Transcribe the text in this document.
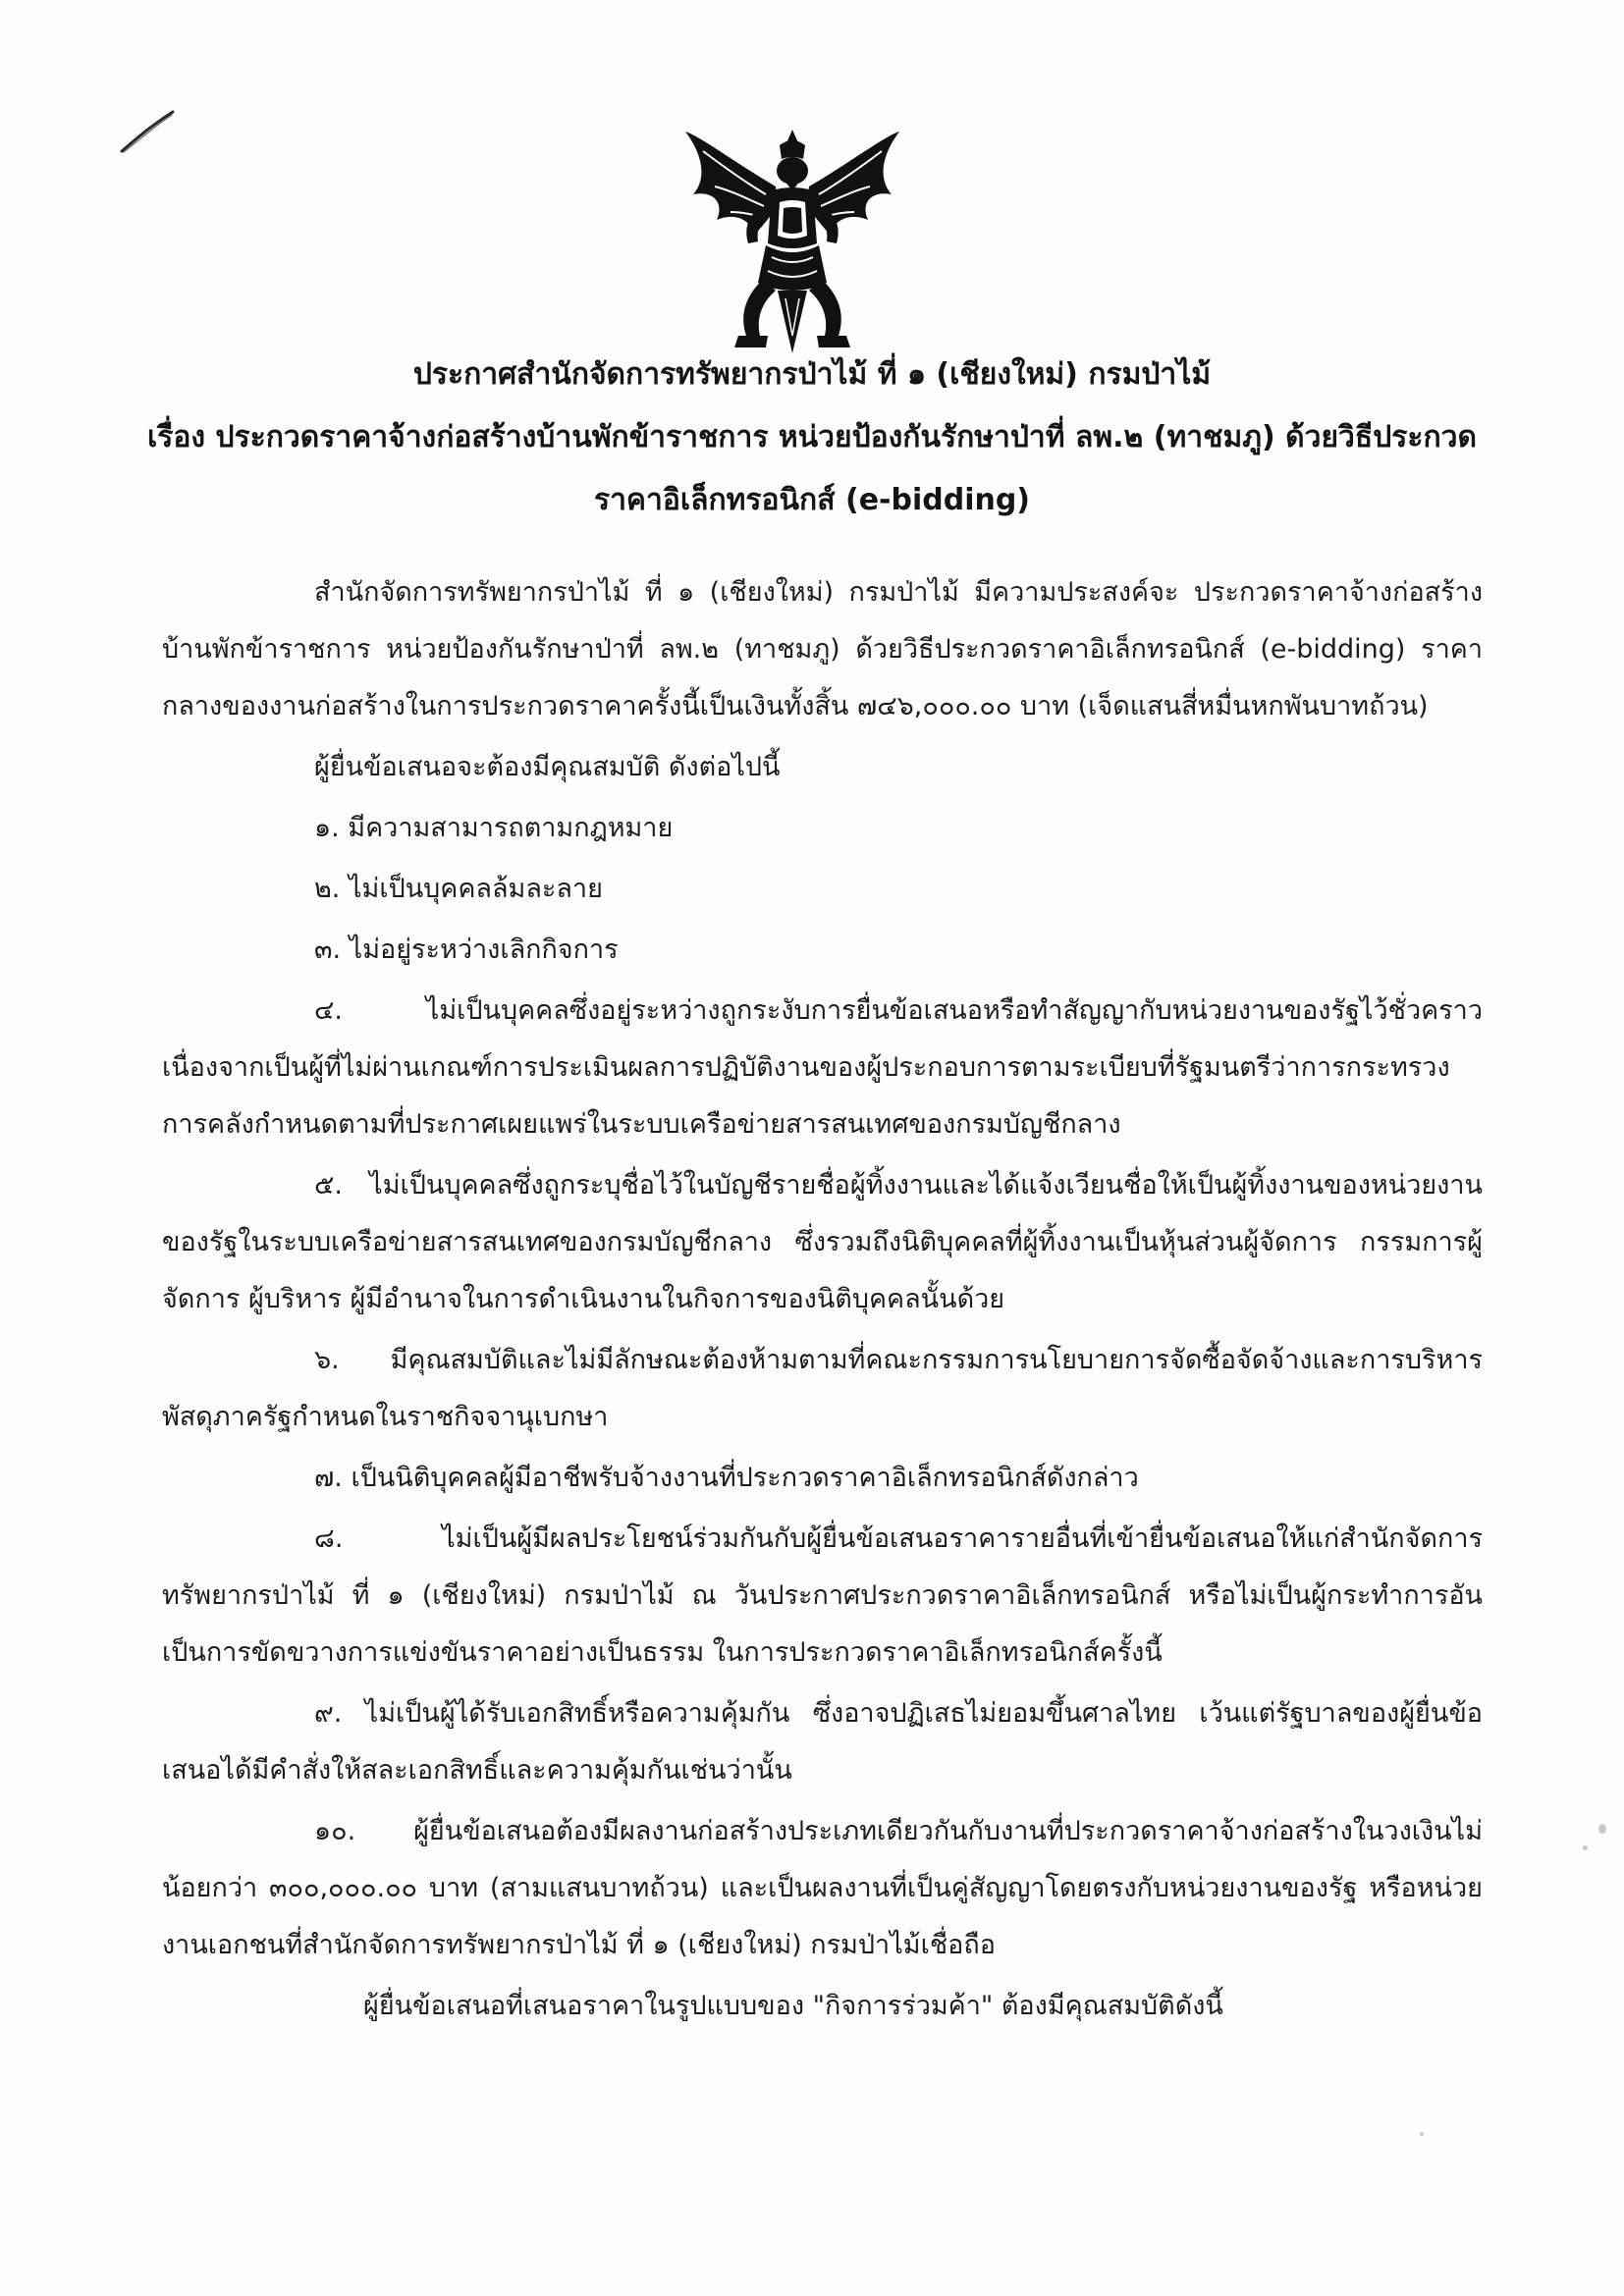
ประกาศสำนักจัดการทรัพยากรป่าไม้ ที่ ๑ (เชียงใหม่) กรมป่าไม้

เรื่อง ประกวดราคาจ้างก่อสร้างบ้านพักข้าราชการ หน่วยป้องกันรักษาป่าที่ ลพ.๒ (ทาชมภู) ด้วยวิธีประกวด

ราคาอิเล็กทรอนิกส์ (e-bidding)

สำนักจัดการทรัพยากรป่าไม้ ที่ ๑ (เชียงใหม่) กรมป่าไม้ มีความประสงค์จะ ประกวดราคาจ้างก่อสร้างบ้านพักข้าราชการ หน่วยป้องกันรักษาป่าที่ ลพ.๒ (ทาชมภู) ด้วยวิธีประกวดราคาอิเล็กทรอนิกส์ (e-bidding) ราคากลางของงานก่อสร้างในการประกวดราคาครั้งนี้เป็นเงินทั้งสิ้น ๗๔๖,๐๐๐.๐๐ บาท (เจ็ดแสนสี่หมื่นหกพันบาทถ้วน)

ผู้ยื่นข้อเสนอจะต้องมีคุณสมบัติ ดังต่อไปนี้

๑. มีความสามารถตามกฎหมาย

๒. ไม่เป็นบุคคลล้มละลาย

๓. ไม่อยู่ระหว่างเลิกกิจการ

๔. ไม่เป็นบุคคลซึ่งอยู่ระหว่างถูกระงับการยื่นข้อเสนอหรือทำสัญญากับหน่วยงานของรัฐไว้ชั่วคราว เนื่องจากเป็นผู้ที่ไม่ผ่านเกณฑ์การประเมินผลการปฏิบัติงานของผู้ประกอบการตามระเบียบที่รัฐมนตรีว่าการกระทรวงการคลังกำหนดตามที่ประกาศเผยแพร่ในระบบเครือข่ายสารสนเทศของกรมบัญชีกลาง

๕. ไม่เป็นบุคคลซึ่งถูกระบุชื่อไว้ในบัญชีรายชื่อผู้ทิ้งงานและได้แจ้งเวียนชื่อให้เป็นผู้ทิ้งงานของหน่วยงานของรัฐในระบบเครือข่ายสารสนเทศของกรมบัญชีกลาง ซึ่งรวมถึงนิติบุคคลที่ผู้ทิ้งงานเป็นหุ้นส่วนผู้จัดการ กรรมการผู้จัดการ ผู้บริหาร ผู้มีอำนาจในการดำเนินงานในกิจการของนิติบุคคลนั้นด้วย

๖. มีคุณสมบัติและไม่มีลักษณะต้องห้ามตามที่คณะกรรมการนโยบายการจัดซื้อจัดจ้างและการบริหารพัสดุภาครัฐกำหนดในราชกิจจานุเบกษา

๗. เป็นนิติบุคคลผู้มีอาชีพรับจ้างงานที่ประกวดราคาอิเล็กทรอนิกส์ดังกล่าว

๘. ไม่เป็นผู้มีผลประโยชน์ร่วมกันกับผู้ยื่นข้อเสนอราคารายอื่นที่เข้ายื่นข้อเสนอให้แก่สำนักจัดการทรัพยากรป่าไม้ ที่ ๑ (เชียงใหม่) กรมป่าไม้ ณ วันประกาศประกวดราคาอิเล็กทรอนิกส์ หรือไม่เป็นผู้กระทำการอันเป็นการขัดขวางการแข่งขันราคาอย่างเป็นธรรม ในการประกวดราคาอิเล็กทรอนิกส์ครั้งนี้

๙. ไม่เป็นผู้ได้รับเอกสิทธิ์หรือความคุ้มกัน ซึ่งอาจปฏิเสธไม่ยอมขึ้นศาลไทย เว้นแต่รัฐบาลของผู้ยื่นข้อเสนอได้มีคำสั่งให้สละเอกสิทธิ์และความคุ้มกันเช่นว่านั้น

๑๐. ผู้ยื่นข้อเสนอต้องมีผลงานก่อสร้างประเภทเดียวกันกับงานที่ประกวดราคาจ้างก่อสร้างในวงเงินไม่น้อยกว่า ๓๐๐,๐๐๐.๐๐ บาท (สามแสนบาทถ้วน) และเป็นผลงานที่เป็นคู่สัญญาโดยตรงกับหน่วยงานของรัฐ หรือหน่วยงานเอกชนที่สำนักจัดการทรัพยากรป่าไม้ ที่ ๑ (เชียงใหม่) กรมป่าไม้เชื่อถือ

ผู้ยื่นข้อเสนอที่เสนอราคาในรูปแบบของ "กิจการร่วมค้า" ต้องมีคุณสมบัติดังนี้
